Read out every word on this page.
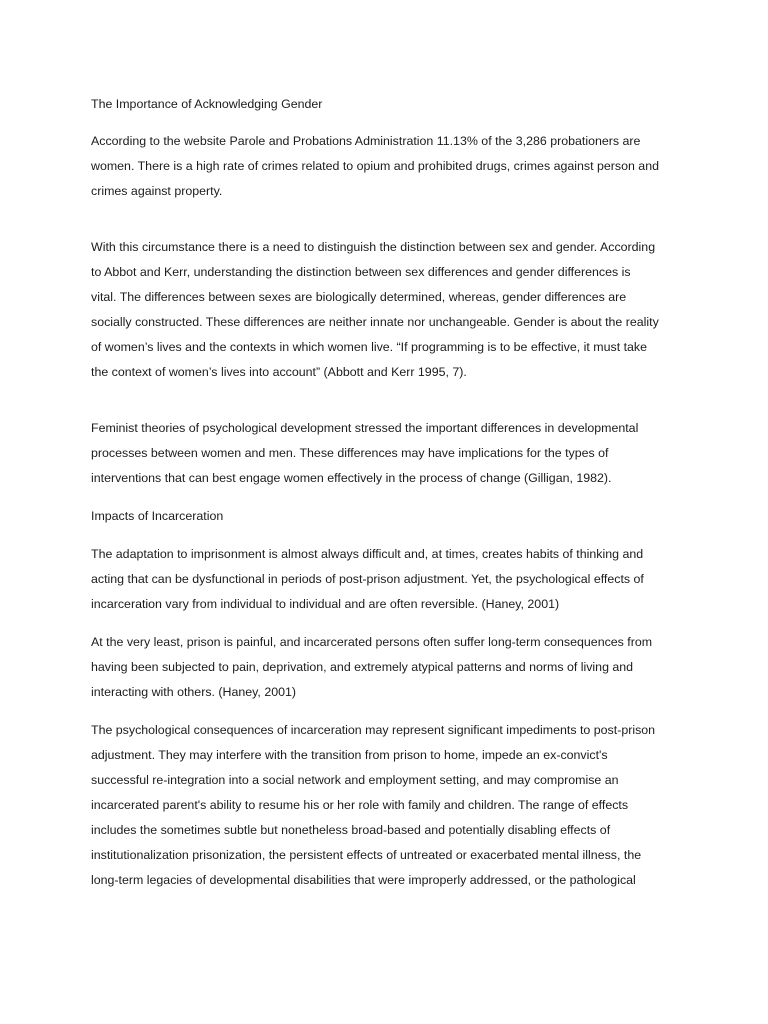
The Importance of Acknowledging Gender
According to the website Parole and Probations Administration 11.13% of the 3,286 probationers are
women. There is a high rate of crimes related to opium and prohibited drugs, crimes against person and
crimes against property.
With this circumstance there is a need to distinguish the distinction between sex and gender. According
to Abbot and Kerr, understanding the distinction between sex differences and gender differences is
vital. The differences between sexes are biologically determined, whereas, gender differences are
socially constructed. These differences are neither innate nor unchangeable. Gender is about the reality
of women’s lives and the contexts in which women live. “If programming is to be effective, it must take
the context of women’s lives into account” (Abbott and Kerr 1995, 7).
Feminist theories of psychological development stressed the important differences in developmental
processes between women and men. These differences may have implications for the types of
interventions that can best engage women effectively in the process of change (Gilligan, 1982).
Impacts of Incarceration
The adaptation to imprisonment is almost always difficult and, at times, creates habits of thinking and
acting that can be dysfunctional in periods of post-prison adjustment. Yet, the psychological effects of
incarceration vary from individual to individual and are often reversible. (Haney, 2001)
At the very least, prison is painful, and incarcerated persons often suffer long-term consequences from
having been subjected to pain, deprivation, and extremely atypical patterns and norms of living and
interacting with others. (Haney, 2001)
The psychological consequences of incarceration may represent significant impediments to post-prison
adjustment. They may interfere with the transition from prison to home, impede an ex-convict's
successful re-integration into a social network and employment setting, and may compromise an
incarcerated parent's ability to resume his or her role with family and children. The range of effects
includes the sometimes subtle but nonetheless broad-based and potentially disabling effects of
institutionalization prisonization, the persistent effects of untreated or exacerbated mental illness, the
long-term legacies of developmental disabilities that were improperly addressed, or the pathological
